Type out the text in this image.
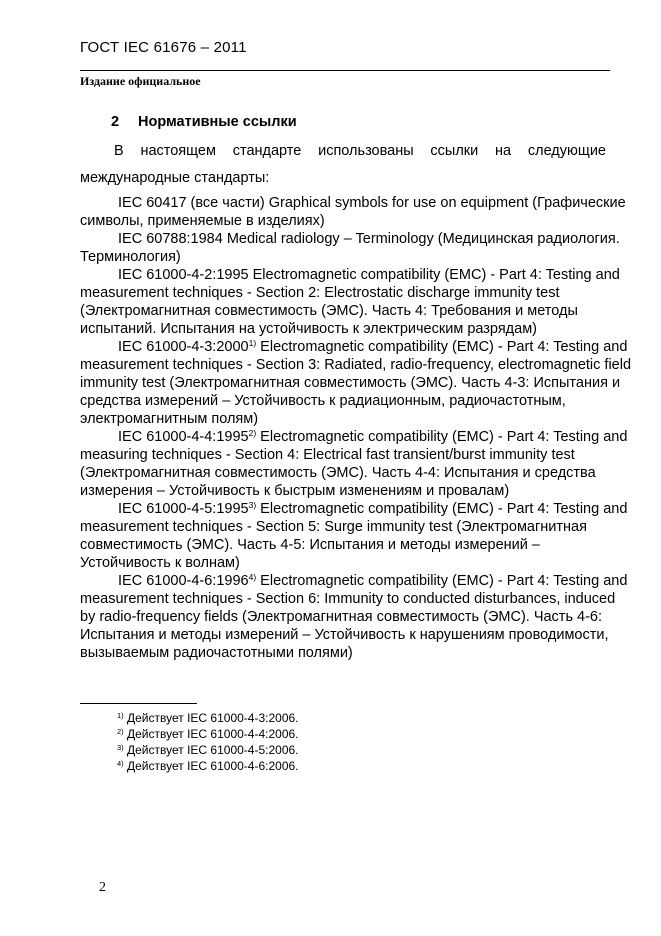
ГОСТ IEC 61676 – 2011
Издание официальное
2 Нормативные ссылки
В настоящем стандарте использованы ссылки на следующие
международные стандарты:

IEC 60417 (все части) Graphical symbols for use on equipment (Графические символы, применяемые в изделиях)

IEC 60788:1984 Medical radiology – Terminology (Медицинская радиология. Терминология)

IEC 61000-4-2:1995 Electromagnetic compatibility (EMC) - Part 4: Testing and measurement techniques - Section 2: Electrostatic discharge immunity test (Электромагнитная совместимость (ЭМС). Часть 4: Требования и методы испытаний. Испытания на устойчивость к электрическим разрядам)

IEC 61000-4-3:2000$^{1)}$ Electromagnetic compatibility (EMC) - Part 4: Testing and measurement techniques - Section 3: Radiated, radio-frequency, electromagnetic field immunity test (Электромагнитная совместимость (ЭМС). Часть 4-3: Испытания и средства измерений – Устойчивость к радиационным, радиочастотным, электромагнитным полям)

IEC 61000-4-4:1995$^{2)}$ Electromagnetic compatibility (EMC) - Part 4: Testing and measuring techniques - Section 4: Electrical fast transient/burst immunity test (Электромагнитная совместимость (ЭМС). Часть 4-4: Испытания и средства измерения – Устойчивость к быстрым изменениям и провалам)

IEC 61000-4-5:1995$^{3)}$ Electromagnetic compatibility (EMC) - Part 4: Testing and measurement techniques - Section 5: Surge immunity test (Электромагнитная совместимость (ЭМС). Часть 4-5: Испытания и методы измерений – Устойчивость к волнам)

IEC 61000-4-6:1996$^{4)}$ Electromagnetic compatibility (EMC) - Part 4: Testing and measurement techniques - Section 6: Immunity to conducted disturbances, induced by radio-frequency fields (Электромагнитная совместимость (ЭМС). Часть 4-6: Испытания и методы измерений – Устойчивость к нарушениям проводимости, вызываемым радиочастотными полями)

$^{1)}$ Действует IEC 61000-4-3:2006.
$^{2)}$ Действует IEC 61000-4-4:2006.
$^{3)}$ Действует IEC 61000-4-5:2006.
$^{4)}$ Действует IEC 61000-4-6:2006.
2
